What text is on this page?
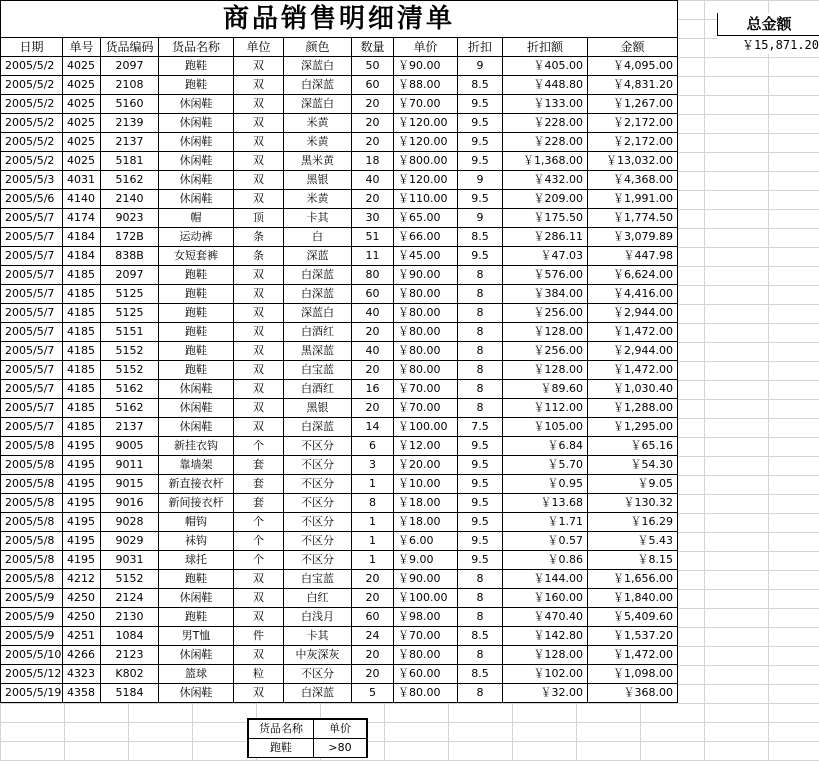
商品销售明细清单										
日期	单号	货品编码	货品名称	单位	颜色	数量	单价	折扣	折扣额	金额
2005/5/2	4025	2097	跑鞋	双	深蓝白	50	￥90.00	9	￥405.00	￥4,095.00
2005/5/2	4025	2108	跑鞋	双	白深蓝	60	￥88.00	8.5	￥448.80	￥4,831.20
2005/5/2	4025	5160	休闲鞋	双	深蓝白	20	￥70.00	9.5	￥133.00	￥1,267.00
2005/5/2	4025	2139	休闲鞋	双	米黄	20	￥120.00	9.5	￥228.00	￥2,172.00
2005/5/2	4025	2137	休闲鞋	双	米黄	20	￥120.00	9.5	￥228.00	￥2,172.00
2005/5/2	4025	5181	休闲鞋	双	黑米黄	18	￥800.00	9.5	￥1,368.00	￥13,032.00
2005/5/3	4031	5162	休闲鞋	双	黑银	40	￥120.00	9	￥432.00	￥4,368.00
2005/5/6	4140	2140	休闲鞋	双	米黄	20	￥110.00	9.5	￥209.00	￥1,991.00
2005/5/7	4174	9023	帽	顶	卡其	30	￥65.00	9	￥175.50	￥1,774.50
2005/5/7	4184	172B	运动裤	条	白	51	￥66.00	8.5	￥286.11	￥3,079.89
2005/5/7	4184	838B	女短套裤	条	深蓝	11	￥45.00	9.5	￥47.03	￥447.98
2005/5/7	4185	2097	跑鞋	双	白深蓝	80	￥90.00	8	￥576.00	￥6,624.00
2005/5/7	4185	5125	跑鞋	双	白深蓝	60	￥80.00	8	￥384.00	￥4,416.00
2005/5/7	4185	5125	跑鞋	双	深蓝白	40	￥80.00	8	￥256.00	￥2,944.00
2005/5/7	4185	5151	跑鞋	双	白酒红	20	￥80.00	8	￥128.00	￥1,472.00
2005/5/7	4185	5152	跑鞋	双	黑深蓝	40	￥80.00	8	￥256.00	￥2,944.00
2005/5/7	4185	5152	跑鞋	双	白宝蓝	20	￥80.00	8	￥128.00	￥1,472.00
2005/5/7	4185	5162	休闲鞋	双	白酒红	16	￥70.00	8	￥89.60	￥1,030.40
2005/5/7	4185	5162	休闲鞋	双	黑银	20	￥70.00	8	￥112.00	￥1,288.00
2005/5/7	4185	2137	休闲鞋	双	白深蓝	14	￥100.00	7.5	￥105.00	￥1,295.00
2005/5/8	4195	9005	新挂衣钩	个	不区分	6	￥12.00	9.5	￥6.84	￥65.16
2005/5/8	4195	9011	靠墙架	套	不区分	3	￥20.00	9.5	￥5.70	￥54.30
2005/5/8	4195	9015	新直接衣杆	套	不区分	1	￥10.00	9.5	￥0.95	￥9.05
2005/5/8	4195	9016	新间接衣杆	套	不区分	8	￥18.00	9.5	￥13.68	￥130.32
2005/5/8	4195	9028	帽钩	个	不区分	1	￥18.00	9.5	￥1.71	￥16.29
2005/5/8	4195	9029	袜钩	个	不区分	1	￥6.00	9.5	￥0.57	￥5.43
2005/5/8	4195	9031	球托	个	不区分	1	￥9.00	9.5	￥0.86	￥8.15
2005/5/8	4212	5152	跑鞋	双	白宝蓝	20	￥90.00	8	￥144.00	￥1,656.00
2005/5/9	4250	2124	休闲鞋	双	白红	20	￥100.00	8	￥160.00	￥1,840.00
2005/5/9	4250	2130	跑鞋	双	白浅月	60	￥98.00	8	￥470.40	￥5,409.60
2005/5/9	4251	1084	男T恤	件	卡其	24	￥70.00	8.5	￥142.80	￥1,537.20
2005/5/10	4266	2123	休闲鞋	双	中灰深灰	20	￥80.00	8	￥128.00	￥1,472.00
2005/5/12	4323	K802	篮球	粒	不区分	20	￥60.00	8.5	￥102.00	￥1,098.00
2005/5/19	4358	5184	休闲鞋	双	白深蓝	5	￥80.00	8	￥32.00	￥368.00
总金额
￥15,871.20
货品名称	单价
跑鞋	>80
